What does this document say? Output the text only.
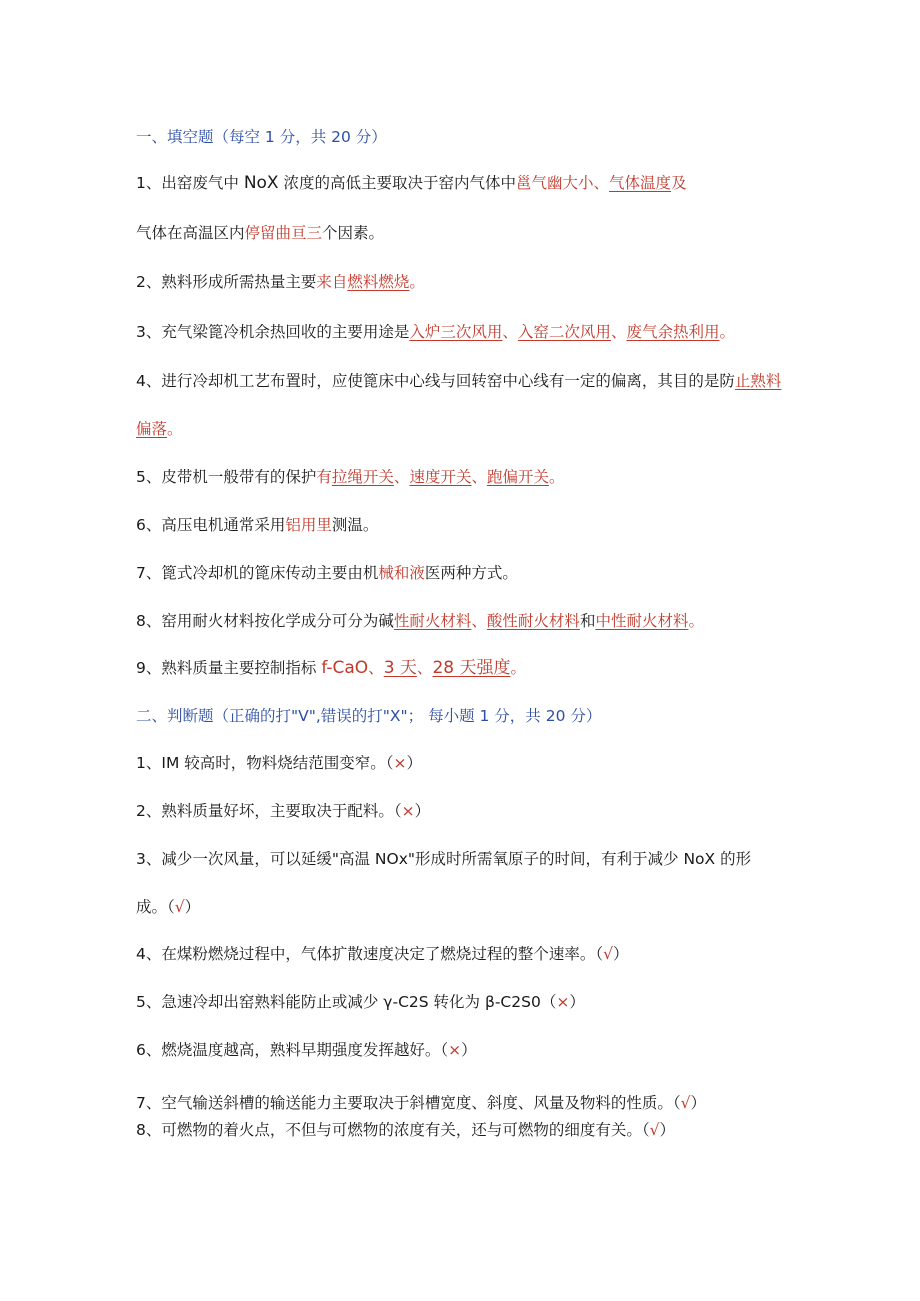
一、填空题（每空 1 分，共 20 分）
1、出窑废气中 NoX 浓度的高低主要取决于窑内气体中邕气幽大小、气体温度及
气体在高温区内停留曲亘三个因素。
2、熟料形成所需热量主要来自燃料燃烧。
3、充气梁篦冷机余热回收的主要用途是入炉三次风用、入窑二次风用、废气余热利用。
4、进行冷却机工艺布置时，应使篦床中心线与回转窑中心线有一定的偏离，其目的是防止熟料
偏落。
5、皮带机一般带有的保护有拉绳开关、速度开关、跑偏开关。
6、高压电机通常采用铝用里测温。
7、篦式冷却机的篦床传动主要由机械和液医两种方式。
8、窑用耐火材料按化学成分可分为碱性耐火材料、酸性耐火材料和中性耐火材料。
9、熟料质量主要控制指标 f-CaO、3 天、28 天强度。
二、判断题（正确的打"V",错误的打"X"； 每小题 1 分，共 20 分）
1、IM 较高时，物料烧结范围变窄。（×）
2、熟料质量好坏，主要取决于配料。（×）
3、减少一次风量，可以延缓"高温 NOx"形成时所需氧原子的时间，有利于减少 NoX 的形
成。（√）
4、在煤粉燃烧过程中，气体扩散速度决定了燃烧过程的整个速率。（√）
5、急速冷却出窑熟料能防止或减少 γ-C2S 转化为 β-C2S0（×）
6、燃烧温度越高，熟料早期强度发挥越好。（×）
7、空气输送斜槽的输送能力主要取决于斜槽宽度、斜度、风量及物料的性质。（√）
8、可燃物的着火点，不但与可燃物的浓度有关，还与可燃物的细度有关。（√）
